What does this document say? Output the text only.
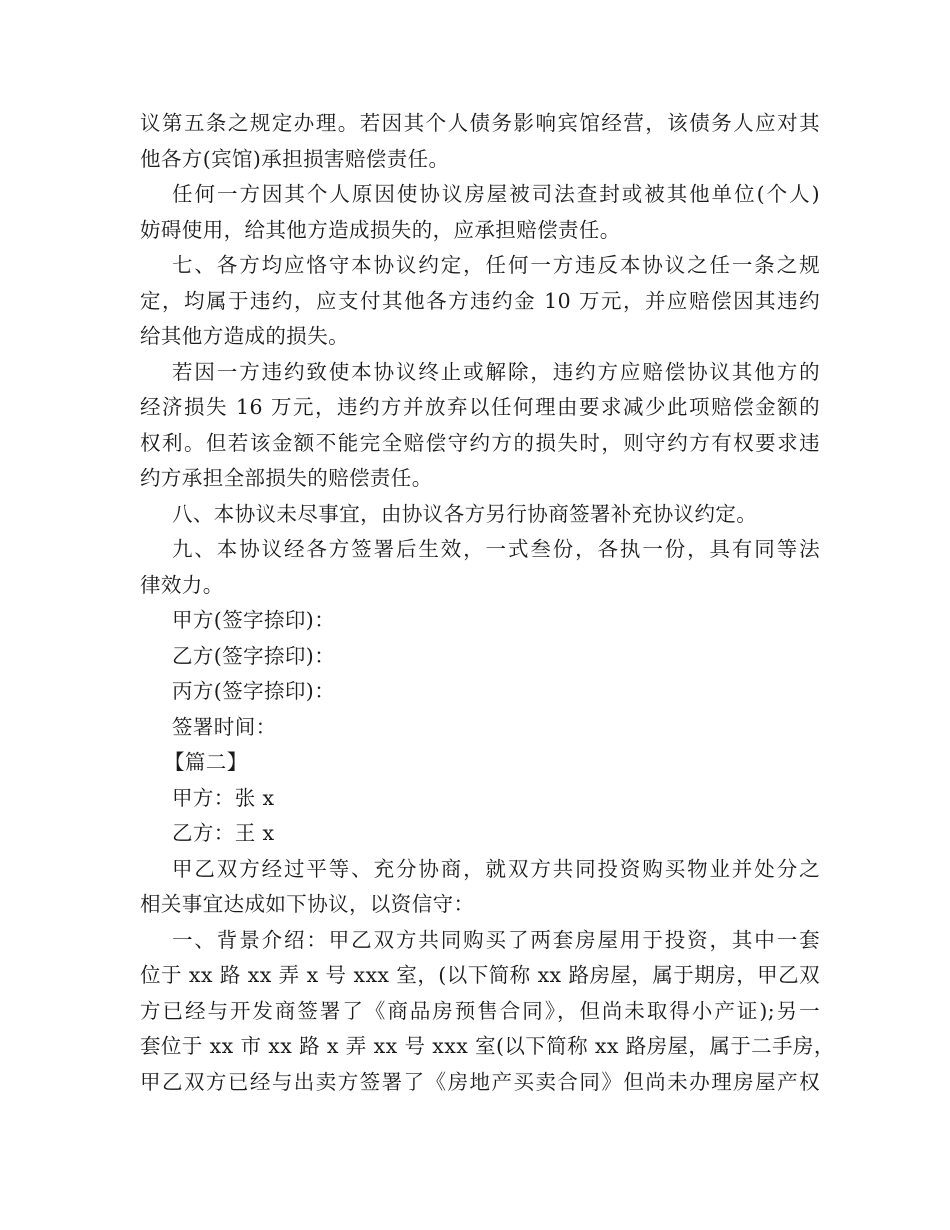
议第五条之规定办理。若因其个人债务影响宾馆经营，该债务人应对其
他各方(宾馆)承担损害赔偿责任。
任何一方因其个人原因使协议房屋被司法查封或被其他单位(个人)
妨碍使用，给其他方造成损失的，应承担赔偿责任。
七、各方均应恪守本协议约定，任何一方违反本协议之任一条之规
定，均属于违约，应支付其他各方违约金 10 万元，并应赔偿因其违约
给其他方造成的损失。
若因一方违约致使本协议终止或解除，违约方应赔偿协议其他方的
经济损失 16 万元，违约方并放弃以任何理由要求减少此项赔偿金额的
权利。但若该金额不能完全赔偿守约方的损失时，则守约方有权要求违
约方承担全部损失的赔偿责任。
八、本协议未尽事宜，由协议各方另行协商签署补充协议约定。
九、本协议经各方签署后生效，一式叁份，各执一份，具有同等法
律效力。
甲方(签字捺印)：
乙方(签字捺印)：
丙方(签字捺印)：
签署时间：
【篇二】
甲方：张 x
乙方：王 x
甲乙双方经过平等、充分协商，就双方共同投资购买物业并处分之
相关事宜达成如下协议，以资信守：
一、背景介绍：甲乙双方共同购买了两套房屋用于投资，其中一套
位于 xx 路 xx 弄 x 号 xxx 室，(以下简称 xx 路房屋，属于期房，甲乙双
方已经与开发商签署了《商品房预售合同》，但尚未取得小产证);另一
套位于 xx 市 xx 路 x 弄 xx 号 xxx 室(以下简称 xx 路房屋，属于二手房，
甲乙双方已经与出卖方签署了《房地产买卖合同》但尚未办理房屋产权
